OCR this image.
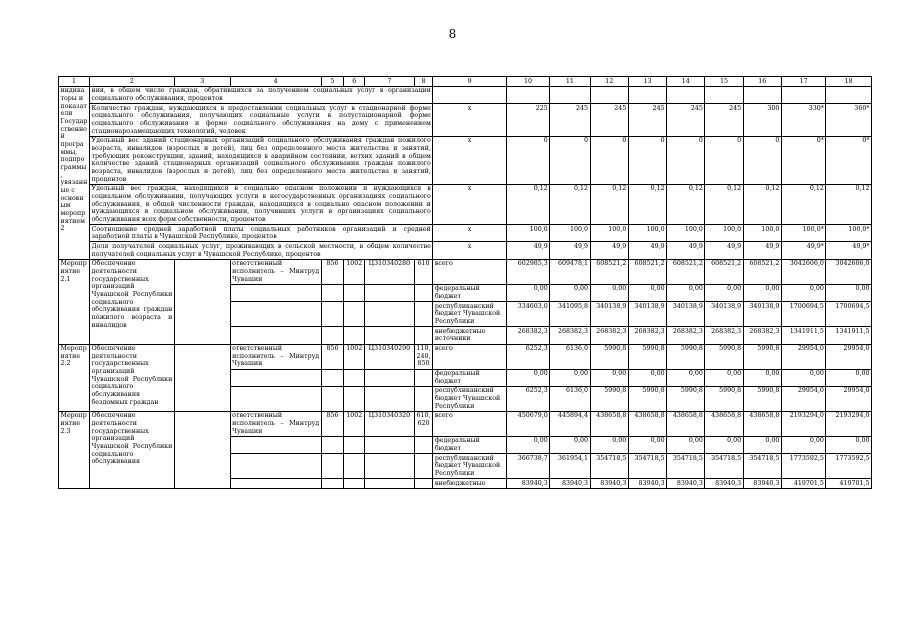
8
1	2	3	4	5	6	7	8	9	10	11	12	13	14	15	16	17	18
индикаторы и показатели Государственной программы, подпрограммы, увязанные с основным мероприятием 2	ния, в общем числе граждан, обратившихся за получением социальных услуг в организации социального обслуживания, процентов																
	Количество граждан, нуждающихся в предоставлении социальных услуг в стационарной форме социального обслуживания, получающих социальные услуги в полустационарной форме социального обслуживания и форме социального обслуживания на дому с применением стационарозамещающих технологий, человек							x	225	245	245	245	245	245	300	330*	360*
	Удельный вес зданий стационарных организаций социального обслуживания граждан пожилого возраста, инвалидов (взрослых и детей), лиц без определенного места жительства и занятий, требующих реконструкции, зданий, находящихся в аварийном состоянии, ветхих зданий в общем количестве зданий стационарных организаций социального обслуживания граждан пожилого возраста, инвалидов (взрослых и детей), лиц без определенного места жительства и занятий, процентов							x	0	0	0	0	0	0	0	0*	0*
	Удельный вес граждан, находящихся в социально опасном положении и нуждающихся в социальном обслуживании, получающих услуги в негосударственных организациях социального обслуживания, в общей численности граждан, находящихся в социально опасном положении и нуждающихся в социальном обслуживании, получивших услуги в организациях социального обслуживания всех форм собственности, процентов							x	0,12	0,12	0,12	0,12	0,12	0,12	0,12	0,12	0,12
	Соотношение средней заработной платы социальных работников организаций и средней заработной платы в Чувашской Республике, процентов							x	100,0	100,0	100,0	100,0	100,0	100,0	100,0	100,0*	100,0*
	Доля получателей социальных услуг, проживающих в сельской местности, в общем количестве получателей социальных услуг в Чувашской Республике, процентов							x	49,9	49,9	49,9	49,9	49,9	49,9	49,9	49,9*	49,9*
Мероприятие 2.1	Обеспечение деятельности государственных организаций Чувашской Республики социального обслуживания граждан пожилого возраста и инвалидов		ответственный исполнитель – Минтруд Чувашии	856	1002	Ц310340280	610	всего	602985,3	609478,1	608521,2	608521,2	608521,2	608521,2	608521,2	3042606,0	3042606,0
								федеральный бюджет	0,00	0,00	0,00	0,00	0,00	0,00	0,00	0,00	0,00
								республиканский бюджет Чувашской Республики	334603,0	341095,8	340138,9	340138,9	340138,9	340138,9	340138,9	1700694,5	1700694,5
								внебюджетные источники	268382,3	268382,3	268382,3	268382,3	268382,3	268382,3	268382,3	1341911,5	1341911,5
Мероприятие 2.2	Обеспечение деятельности государственных организаций Чувашской Республики социального обслуживания бездомных граждан		ответственный исполнитель – Минтруд Чувашии	856	1002	Ц310340290	110, 240, 850	всего	6252,3	6136,0	5990,8	5990,8	5990,8	5990,8	5990,8	29954,0	29954,0
								федеральный бюджет	0,00	0,00	0,00	0,00	0,00	0,00	0,00	0,00	0,00
								республиканский бюджет Чувашской Республики	6252,3	6136,0	5990,8	5990,8	5990,8	5990,8	5990,8	29954,0	29954,0
Мероприятие 2.3	Обеспечение деятельности государственных организаций Чувашской Республики социального обслуживания		ответственный исполнитель – Минтруд Чувашии	856	1002	Ц310340320	610, 620	всего	450679,0	445894,4	438658,8	438658,8	438658,8	438658,8	438658,8	2193294,0	2193294,0
								федеральный бюджет	0,00	0,00	0,00	0,00	0,00	0,00	0,00	0,00	0,00
								республиканский бюджет Чувашской Республики	366738,7	361954,1	354718,5	354718,5	354718,5	354718,5	354718,5	1773592,5	1773592,5
								внебюджетные	83940,3	83940,3	83940,3	83940,3	83940,3	83940,3	83940,3	419701,5	419701,5
